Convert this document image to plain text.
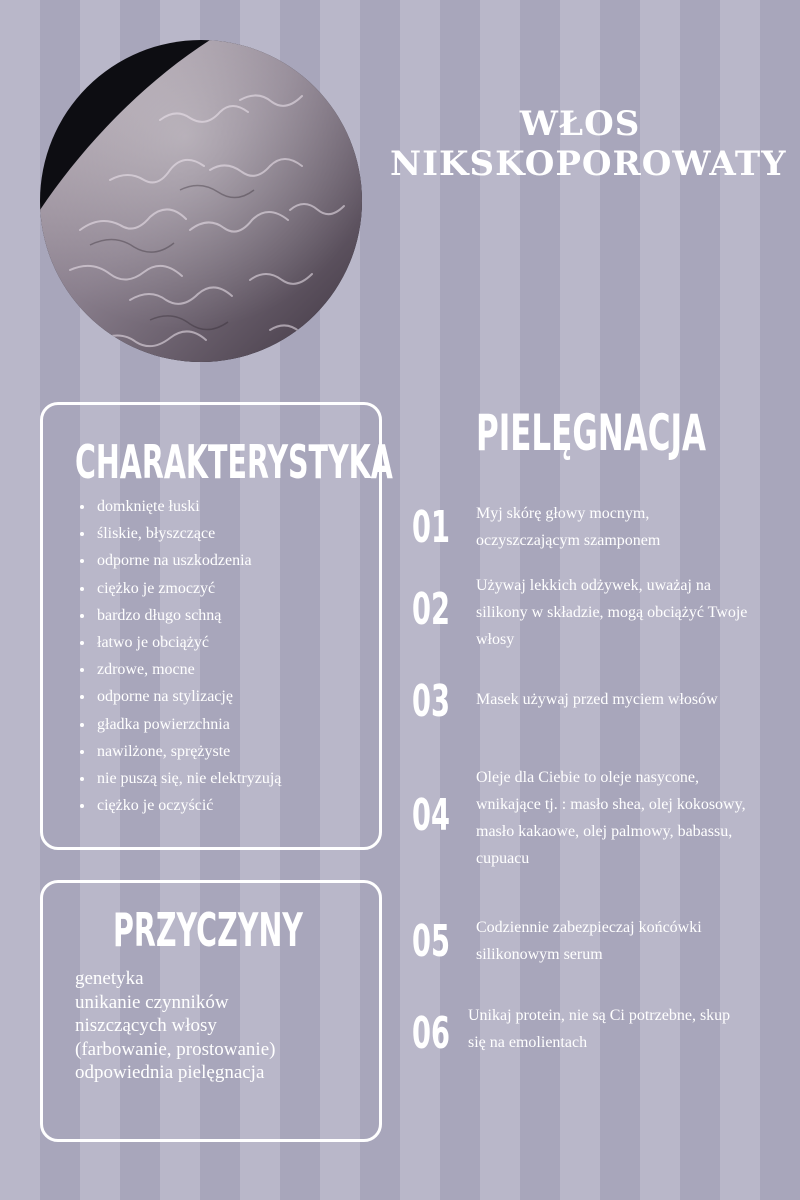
WŁOS
NIKSKOPOROWATY
CHARAKTERYSTYKA
• domknięte łuski
• śliskie, błyszczące
• odporne na uszkodzenia
• ciężko je zmoczyć
• bardzo długo schną
• łatwo je obciążyć
• zdrowe, mocne
• odporne na stylizację
• gładka powierzchnia
• nawilżone, sprężyste
• nie puszą się, nie elektryzują
• ciężko je oczyścić
PRZYCZYNY
genetyka
unikanie czynników
niszczących włosy
(farbowanie, prostowanie)
odpowiednia pielęgnacja
PIELĘGNACJA
01 Myj skórę głowy mocnym, oczyszczającym szamponem
02 Używaj lekkich odżywek, uważaj na silikony w składzie, mogą obciążyć Twoje włosy
03 Masek używaj przed myciem włosów
04
Oleje dla Ciebie to oleje nasycone, wnikające tj. : masło shea, olej kokosowy, masło kakaowe, olej palmowy, babassu, cupuacu
05 Codziennie zabezpieczaj końcówki silikonowym serum
06 Unikaj protein, nie są Ci potrzebne, skup się na emolientach
